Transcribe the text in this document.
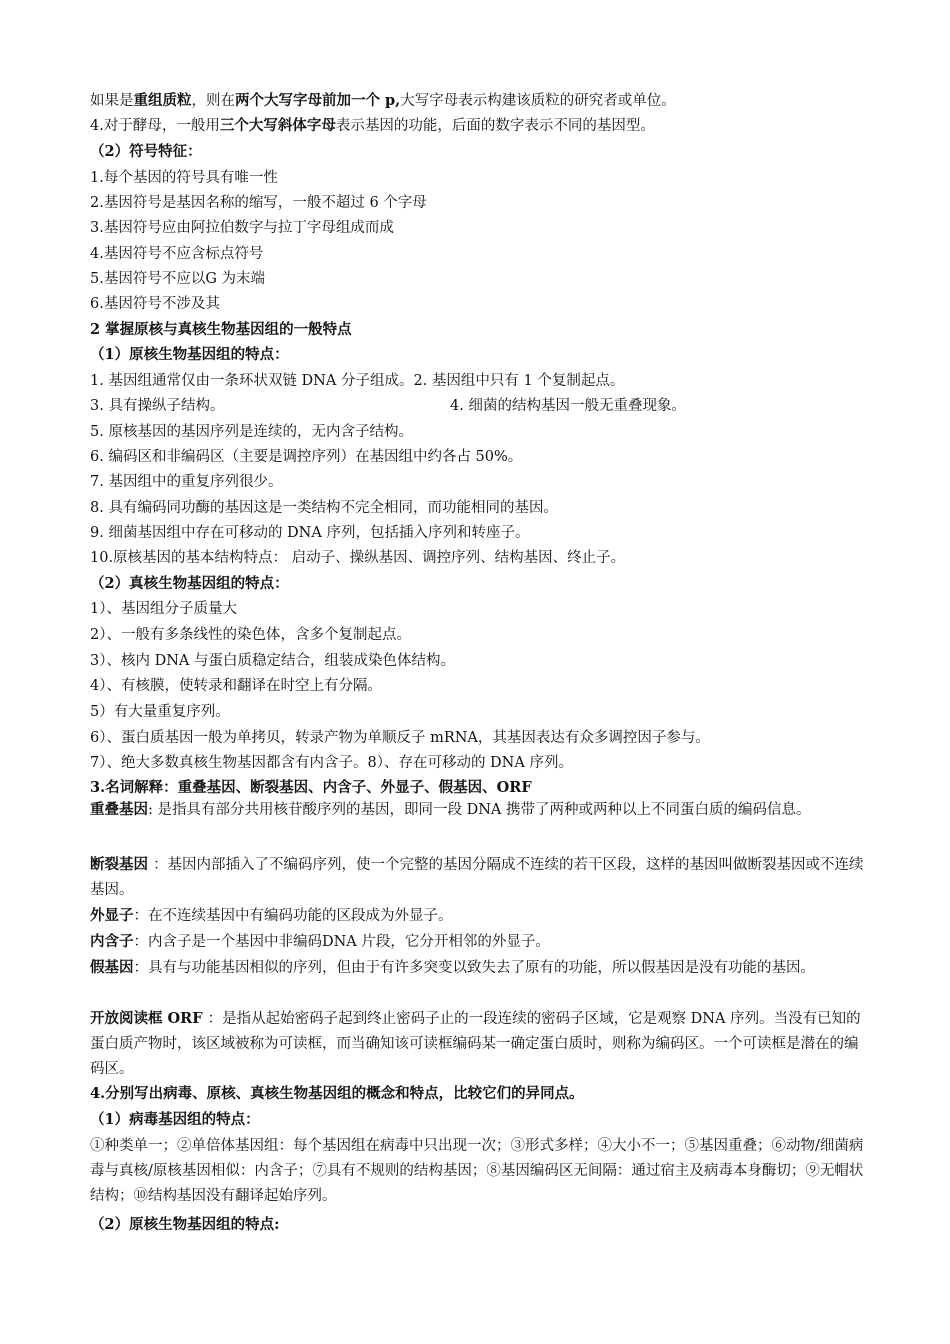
如果是重组质粒，则在两个大写字母前加一个 p,大写字母表示构建该质粒的研究者或单位。
4.对于酵母，一般用三个大写斜体字母表示基因的功能，后面的数字表示不同的基因型。
（2）符号特征：
1.每个基因的符号具有唯一性
2.基因符号是基因名称的缩写，一般不超过 6 个字母
3.基因符号应由阿拉伯数字与拉丁字母组成而成
4.基因符号不应含标点符号
5.基因符号不应以G 为末端
6.基因符号不涉及其
2 掌握原核与真核生物基因组的一般特点
（1）原核生物基因组的特点：
1. 基因组通常仅由一条环状双链 DNA 分子组成。2. 基因组中只有 1 个复制起点。
3. 具有操纵子结构。	4. 细菌的结构基因一般无重叠现象。
5. 原核基因的基因序列是连续的，无内含子结构。
6. 编码区和非编码区（主要是调控序列）在基因组中约各占 50%。
7. 基因组中的重复序列很少。
8. 具有编码同功酶的基因这是一类结构不完全相同，而功能相同的基因。
9. 细菌基因组中存在可移动的 DNA 序列，包括插入序列和转座子。
10.原核基因的基本结构特点： 启动子、操纵基因、调控序列、结构基因、终止子。
（2）真核生物基因组的特点：
1）、基因组分子质量大
2）、一般有多条线性的染色体，含多个复制起点。
3）、核内 DNA 与蛋白质稳定结合，组装成染色体结构。
4）、有核膜，使转录和翻译在时空上有分隔。
5）有大量重复序列。
6）、蛋白质基因一般为单拷贝，转录产物为单顺反子 mRNA，其基因表达有众多调控因子参与。
7）、绝大多数真核生物基因都含有内含子。8）、存在可移动的 DNA 序列。
3.名词解释：重叠基因、断裂基因、内含子、外显子、假基因、ORF
重叠基因: 是指具有部分共用核苷酸序列的基因，即同一段 DNA 携带了两种或两种以上不同蛋白质的编码信息。
断裂基因 ：基因内部插入了不编码序列，使一个完整的基因分隔成不连续的若干区段，这样的基因叫做断裂基因或不连续基因。
外显子：在不连续基因中有编码功能的区段成为外显子。
内含子：内含子是一个基因中非编码DNA 片段，它分开相邻的外显子。
假基因：具有与功能基因相似的序列，但由于有许多突变以致失去了原有的功能，所以假基因是没有功能的基因。
开放阅读框 ORF ：是指从起始密码子起到终止密码子止的一段连续的密码子区域，它是观察 DNA 序列。当没有已知的蛋白质产物时，该区域被称为可读框，而当确知该可读框编码某一确定蛋白质时，则称为编码区。一个可读框是潜在的编码区。
4.分别写出病毒、原核、真核生物基因组的概念和特点，比较它们的异同点。
（1）病毒基因组的特点：
①种类单一；②单倍体基因组：每个基因组在病毒中只出现一次；③形式多样；④大小不一；⑤基因重叠；⑥动物/细菌病毒与真核/原核基因相似：内含子；⑦具有不规则的结构基因；⑧基因编码区无间隔：通过宿主及病毒本身酶切；⑨无帽状结构；⑩结构基因没有翻译起始序列。
（2）原核生物基因组的特点:
